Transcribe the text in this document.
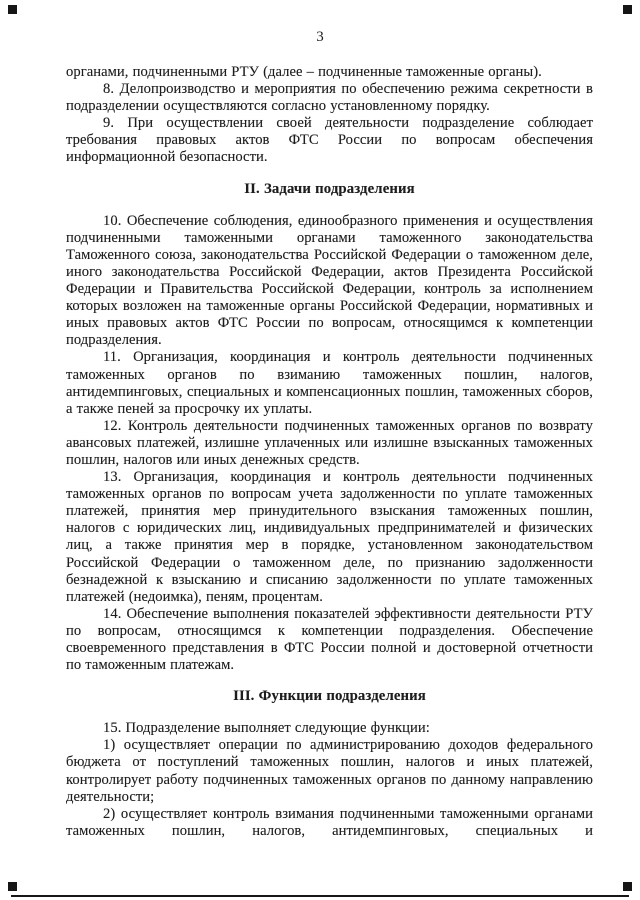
3

органами, подчиненными РТУ (далее – подчиненные таможенные органы).

8. Делопроизводство и мероприятия по обеспечению режима секретности в подразделении осуществляются согласно установленному порядку.

9. При осуществлении своей деятельности подразделение соблюдает требования правовых актов ФТС России по вопросам обеспечения информационной безопасности.

II. Задачи подразделения

10. Обеспечение соблюдения, единообразного применения и осуществления подчиненными таможенными органами таможенного законодательства Таможенного союза, законодательства Российской Федерации о таможенном деле, иного законодательства Российской Федерации, актов Президента Российской Федерации и Правительства Российской Федерации, контроль за исполнением которых возложен на таможенные органы Российской Федерации, нормативных и иных правовых актов ФТС России по вопросам, относящимся к компетенции подразделения.

11. Организация, координация и контроль деятельности подчиненных таможенных органов по взиманию таможенных пошлин, налогов, антидемпинговых, специальных и компенсационных пошлин, таможенных сборов, а также пеней за просрочку их уплаты.

12. Контроль деятельности подчиненных таможенных органов по возврату авансовых платежей, излишне уплаченных или излишне взысканных таможенных пошлин, налогов или иных денежных средств.

13. Организация, координация и контроль деятельности подчиненных таможенных органов по вопросам учета задолженности по уплате таможенных платежей, принятия мер принудительного взыскания таможенных пошлин, налогов с юридических лиц, индивидуальных предпринимателей и физических лиц, а также принятия мер в порядке, установленном законодательством Российской Федерации о таможенном деле, по признанию задолженности безнадежной к взысканию и списанию задолженности по уплате таможенных платежей (недоимка), пеням, процентам.

14. Обеспечение выполнения показателей эффективности деятельности РТУ по вопросам, относящимся к компетенции подразделения. Обеспечение своевременного представления в ФТС России полной и достоверной отчетности по таможенным платежам.

III. Функции подразделения

15. Подразделение выполняет следующие функции:

1) осуществляет операции по администрированию доходов федерального бюджета от поступлений таможенных пошлин, налогов и иных платежей, контролирует работу подчиненных таможенных органов по данному направлению деятельности;

2) осуществляет контроль взимания подчиненными таможенными органами таможенных пошлин, налогов, антидемпинговых, специальных и
